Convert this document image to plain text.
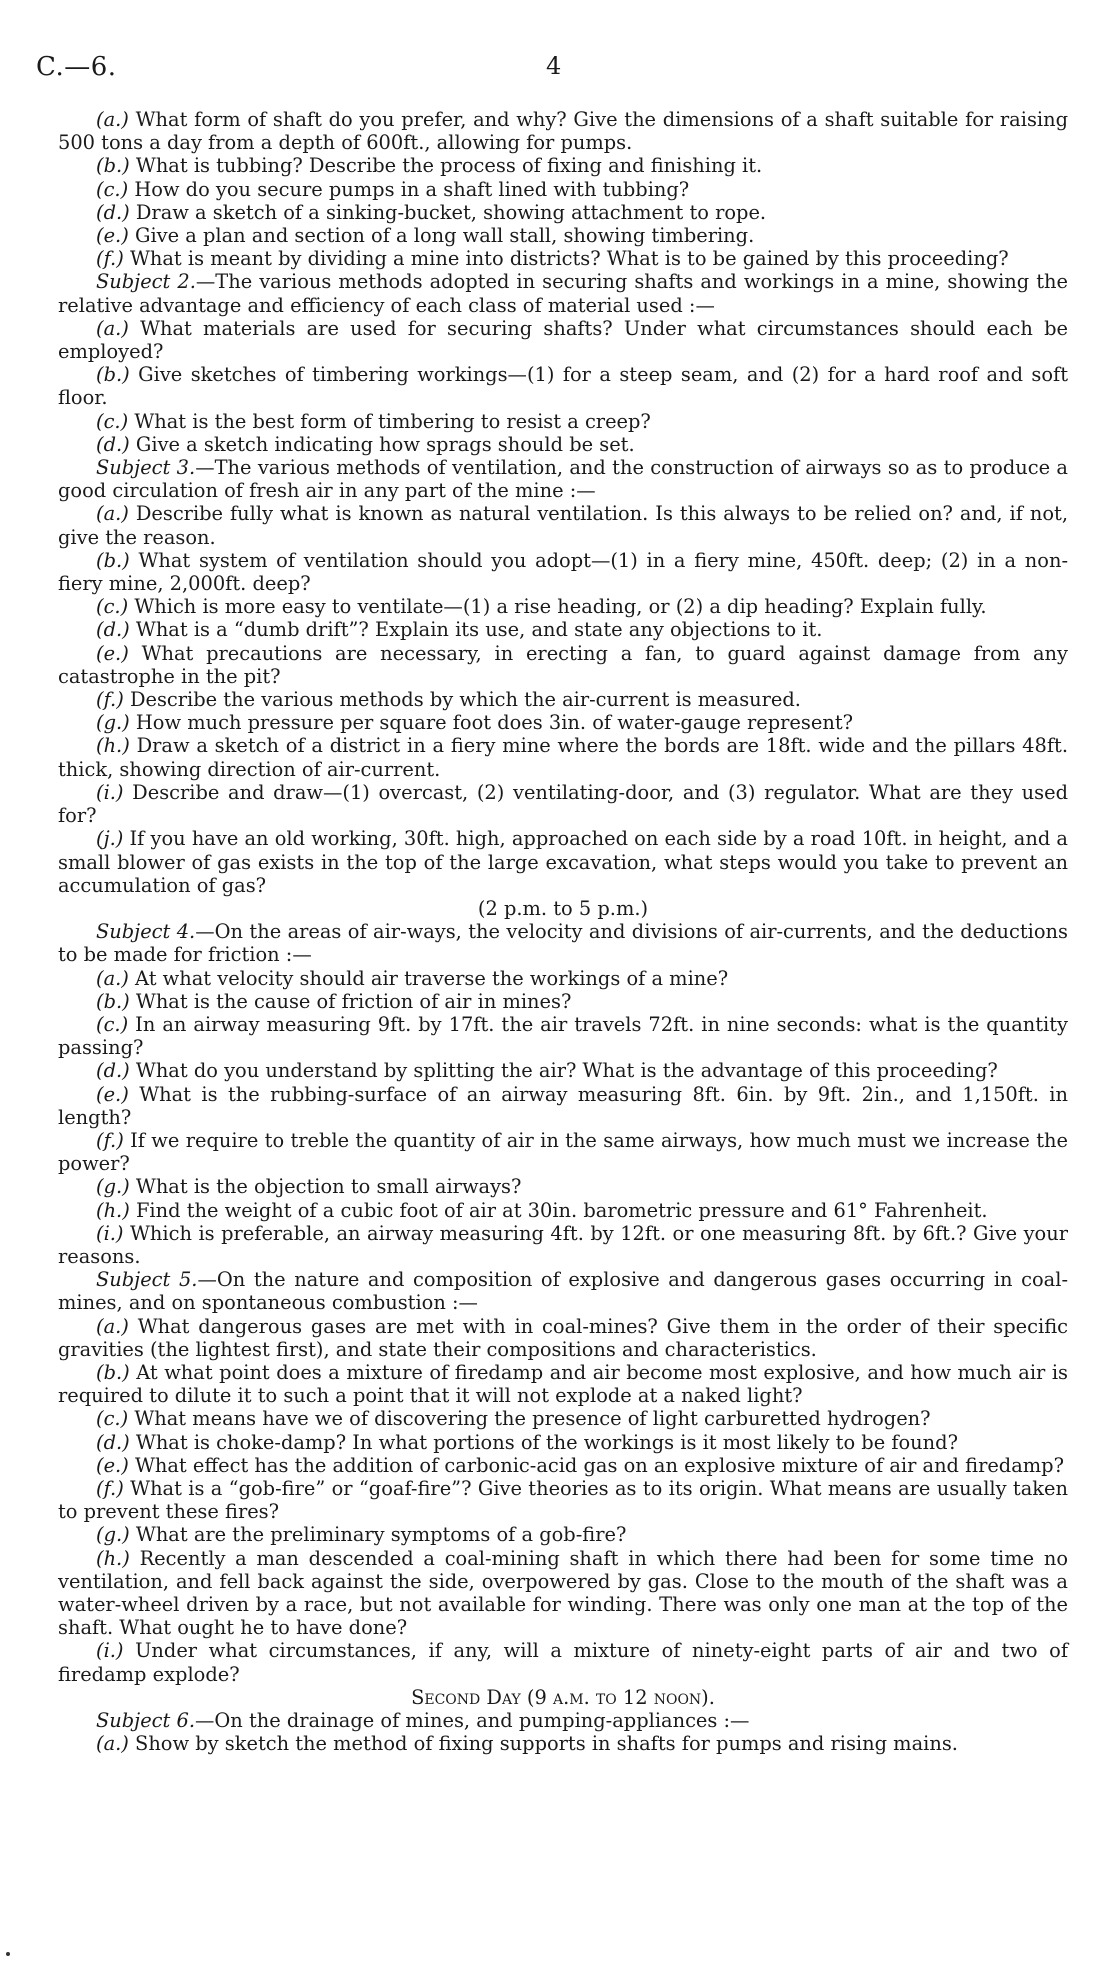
C.—6.	4

(a.) What form of shaft do you prefer, and why? Give the dimensions of a shaft suitable for raising 500 tons a day from a depth of 600ft., allowing for pumps.

(b.) What is tubbing? Describe the process of fixing and finishing it.

(c.) How do you secure pumps in a shaft lined with tubbing?

(d.) Draw a sketch of a sinking-bucket, showing attachment to rope.

(e.) Give a plan and section of a long wall stall, showing timbering.

(f.) What is meant by dividing a mine into districts? What is to be gained by this proceeding?

Subject 2.—The various methods adopted in securing shafts and workings in a mine, showing the relative advantage and efficiency of each class of material used :—

(a.) What materials are used for securing shafts? Under what circumstances should each be employed?

(b.) Give sketches of timbering workings—(1) for a steep seam, and (2) for a hard roof and soft floor.

(c.) What is the best form of timbering to resist a creep?

(d.) Give a sketch indicating how sprags should be set.

Subject 3.—The various methods of ventilation, and the construction of airways so as to produce a good circulation of fresh air in any part of the mine :—

(a.) Describe fully what is known as natural ventilation. Is this always to be relied on? and, if not, give the reason.

(b.) What system of ventilation should you adopt—(1) in a fiery mine, 450ft. deep; (2) in a non-fiery mine, 2,000ft. deep?

(c.) Which is more easy to ventilate—(1) a rise heading, or (2) a dip heading? Explain fully.

(d.) What is a “dumb drift”? Explain its use, and state any objections to it.

(e.) What precautions are necessary, in erecting a fan, to guard against damage from any catastrophe in the pit?

(f.) Describe the various methods by which the air-current is measured.

(g.) How much pressure per square foot does 3in. of water-gauge represent?

(h.) Draw a sketch of a district in a fiery mine where the bords are 18ft. wide and the pillars 48ft. thick, showing direction of air-current.

(i.) Describe and draw—(1) overcast, (2) ventilating-door, and (3) regulator. What are they used for?

(j.) If you have an old working, 30ft. high, approached on each side by a road 10ft. in height, and a small blower of gas exists in the top of the large excavation, what steps would you take to prevent an accumulation of gas?

(2 p.m. to 5 p.m.)

Subject 4.—On the areas of air-ways, the velocity and divisions of air-currents, and the deductions to be made for friction :—

(a.) At what velocity should air traverse the workings of a mine?

(b.) What is the cause of friction of air in mines?

(c.) In an airway measuring 9ft. by 17ft. the air travels 72ft. in nine seconds: what is the quantity passing?

(d.) What do you understand by splitting the air? What is the advantage of this proceeding?

(e.) What is the rubbing-surface of an airway measuring 8ft. 6in. by 9ft. 2in., and 1,150ft. in length?

(f.) If we require to treble the quantity of air in the same airways, how much must we increase the power?

(g.) What is the objection to small airways?

(h.) Find the weight of a cubic foot of air at 30in. barometric pressure and 61° Fahrenheit.

(i.) Which is preferable, an airway measuring 4ft. by 12ft. or one measuring 8ft. by 6ft.? Give your reasons.

Subject 5.—On the nature and composition of explosive and dangerous gases occurring in coal-mines, and on spontaneous combustion :—

(a.) What dangerous gases are met with in coal-mines? Give them in the order of their specific gravities (the lightest first), and state their compositions and characteristics.

(b.) At what point does a mixture of firedamp and air become most explosive, and how much air is required to dilute it to such a point that it will not explode at a naked light?

(c.) What means have we of discovering the presence of light carburetted hydrogen?

(d.) What is choke-damp? In what portions of the workings is it most likely to be found?

(e.) What effect has the addition of carbonic-acid gas on an explosive mixture of air and firedamp?

(f.) What is a “gob-fire” or “goaf-fire”? Give theories as to its origin. What means are usually taken to prevent these fires?

(g.) What are the preliminary symptoms of a gob-fire?

(h.) Recently a man descended a coal-mining shaft in which there had been for some time no ventilation, and fell back against the side, overpowered by gas. Close to the mouth of the shaft was a water-wheel driven by a race, but not available for winding. There was only one man at the top of the shaft. What ought he to have done?

(i.) Under what circumstances, if any, will a mixture of ninety-eight parts of air and two of firedamp explode?

Second Day (9 a.m. to 12 noon).

Subject 6.—On the drainage of mines, and pumping-appliances :—

(a.) Show by sketch the method of fixing supports in shafts for pumps and rising mains.
